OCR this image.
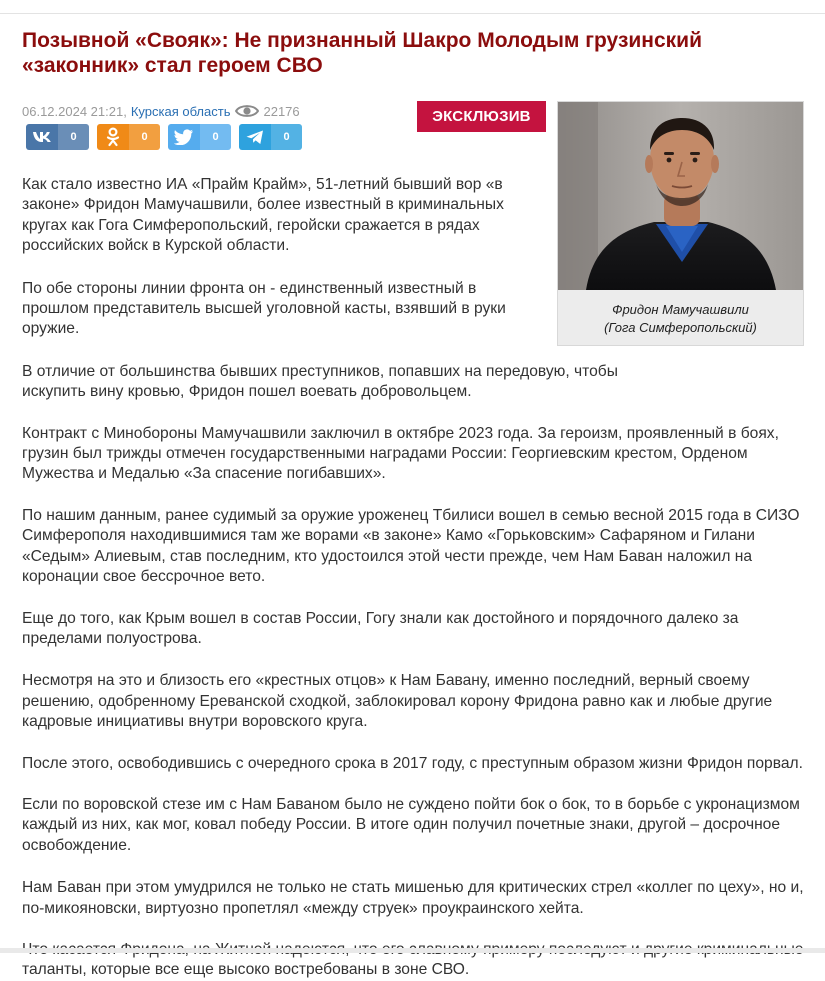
Позывной «Свояк»: Не признанный Шакро Молодым грузинский «законник» стал героем СВО
06.12.2024 21:21, Курская область	22176
0	0	0	0
ЭКСКЛЮЗИВ
Фридон Мамучашвили
(Гога Симферопольский)

Как стало известно ИА «Прайм Крайм», 51-летний бывший вор «в законе» Фридон Мамучашвили, более известный в криминальных кругах как Гога Симферопольский, геройски сражается в рядах российских войск в Курской области.

По обе стороны линии фронта он - единственный известный в прошлом представитель высшей уголовной касты, взявший в руки оружие.

В отличие от большинства бывших преступников, попавших на передовую, чтобы искупить вину кровью, Фридон пошел воевать добровольцем.

Контракт с Минобороны Мамучашвили заключил в октябре 2023 года. За героизм, проявленный в боях, грузин был трижды отмечен государственными наградами России: Георгиевским крестом, Орденом Мужества и Медалью «За спасение погибавших».

По нашим данным, ранее судимый за оружие уроженец Тбилиси вошел в семью весной 2015 года в СИЗО Симферополя находившимися там же ворами «в законе» Камо «Горьковским» Сафаряном и Гилани «Седым» Алиевым, став последним, кто удостоился этой чести прежде, чем Нам Баван наложил на коронации свое бессрочное вето.

Еще до того, как Крым вошел в состав России, Гогу знали как достойного и порядочного далеко за пределами полуострова.

Несмотря на это и близость его «крестных отцов» к Нам Бавану, именно последний, верный своему решению, одобренному Ереванской сходкой, заблокировал корону Фридона равно как и любые другие кадровые инициативы внутри воровского круга.

После этого, освободившись с очередного срока в 2017 году, с преступным образом жизни Фридон порвал.

Если по воровской стезе им с Нам Баваном было не суждено пойти бок о бок, то в борьбе с укронацизмом каждый из них, как мог, ковал победу России. В итоге один получил почетные знаки, другой – досрочное освобождение.

Нам Баван при этом умудрился не только не стать мишенью для критических стрел «коллег по цеху», но и, по-микояновски, виртуозно пропетлял «между струек» проукраинского хейта.

таланты, которые все еще высоко востребованы в зоне СВО.
